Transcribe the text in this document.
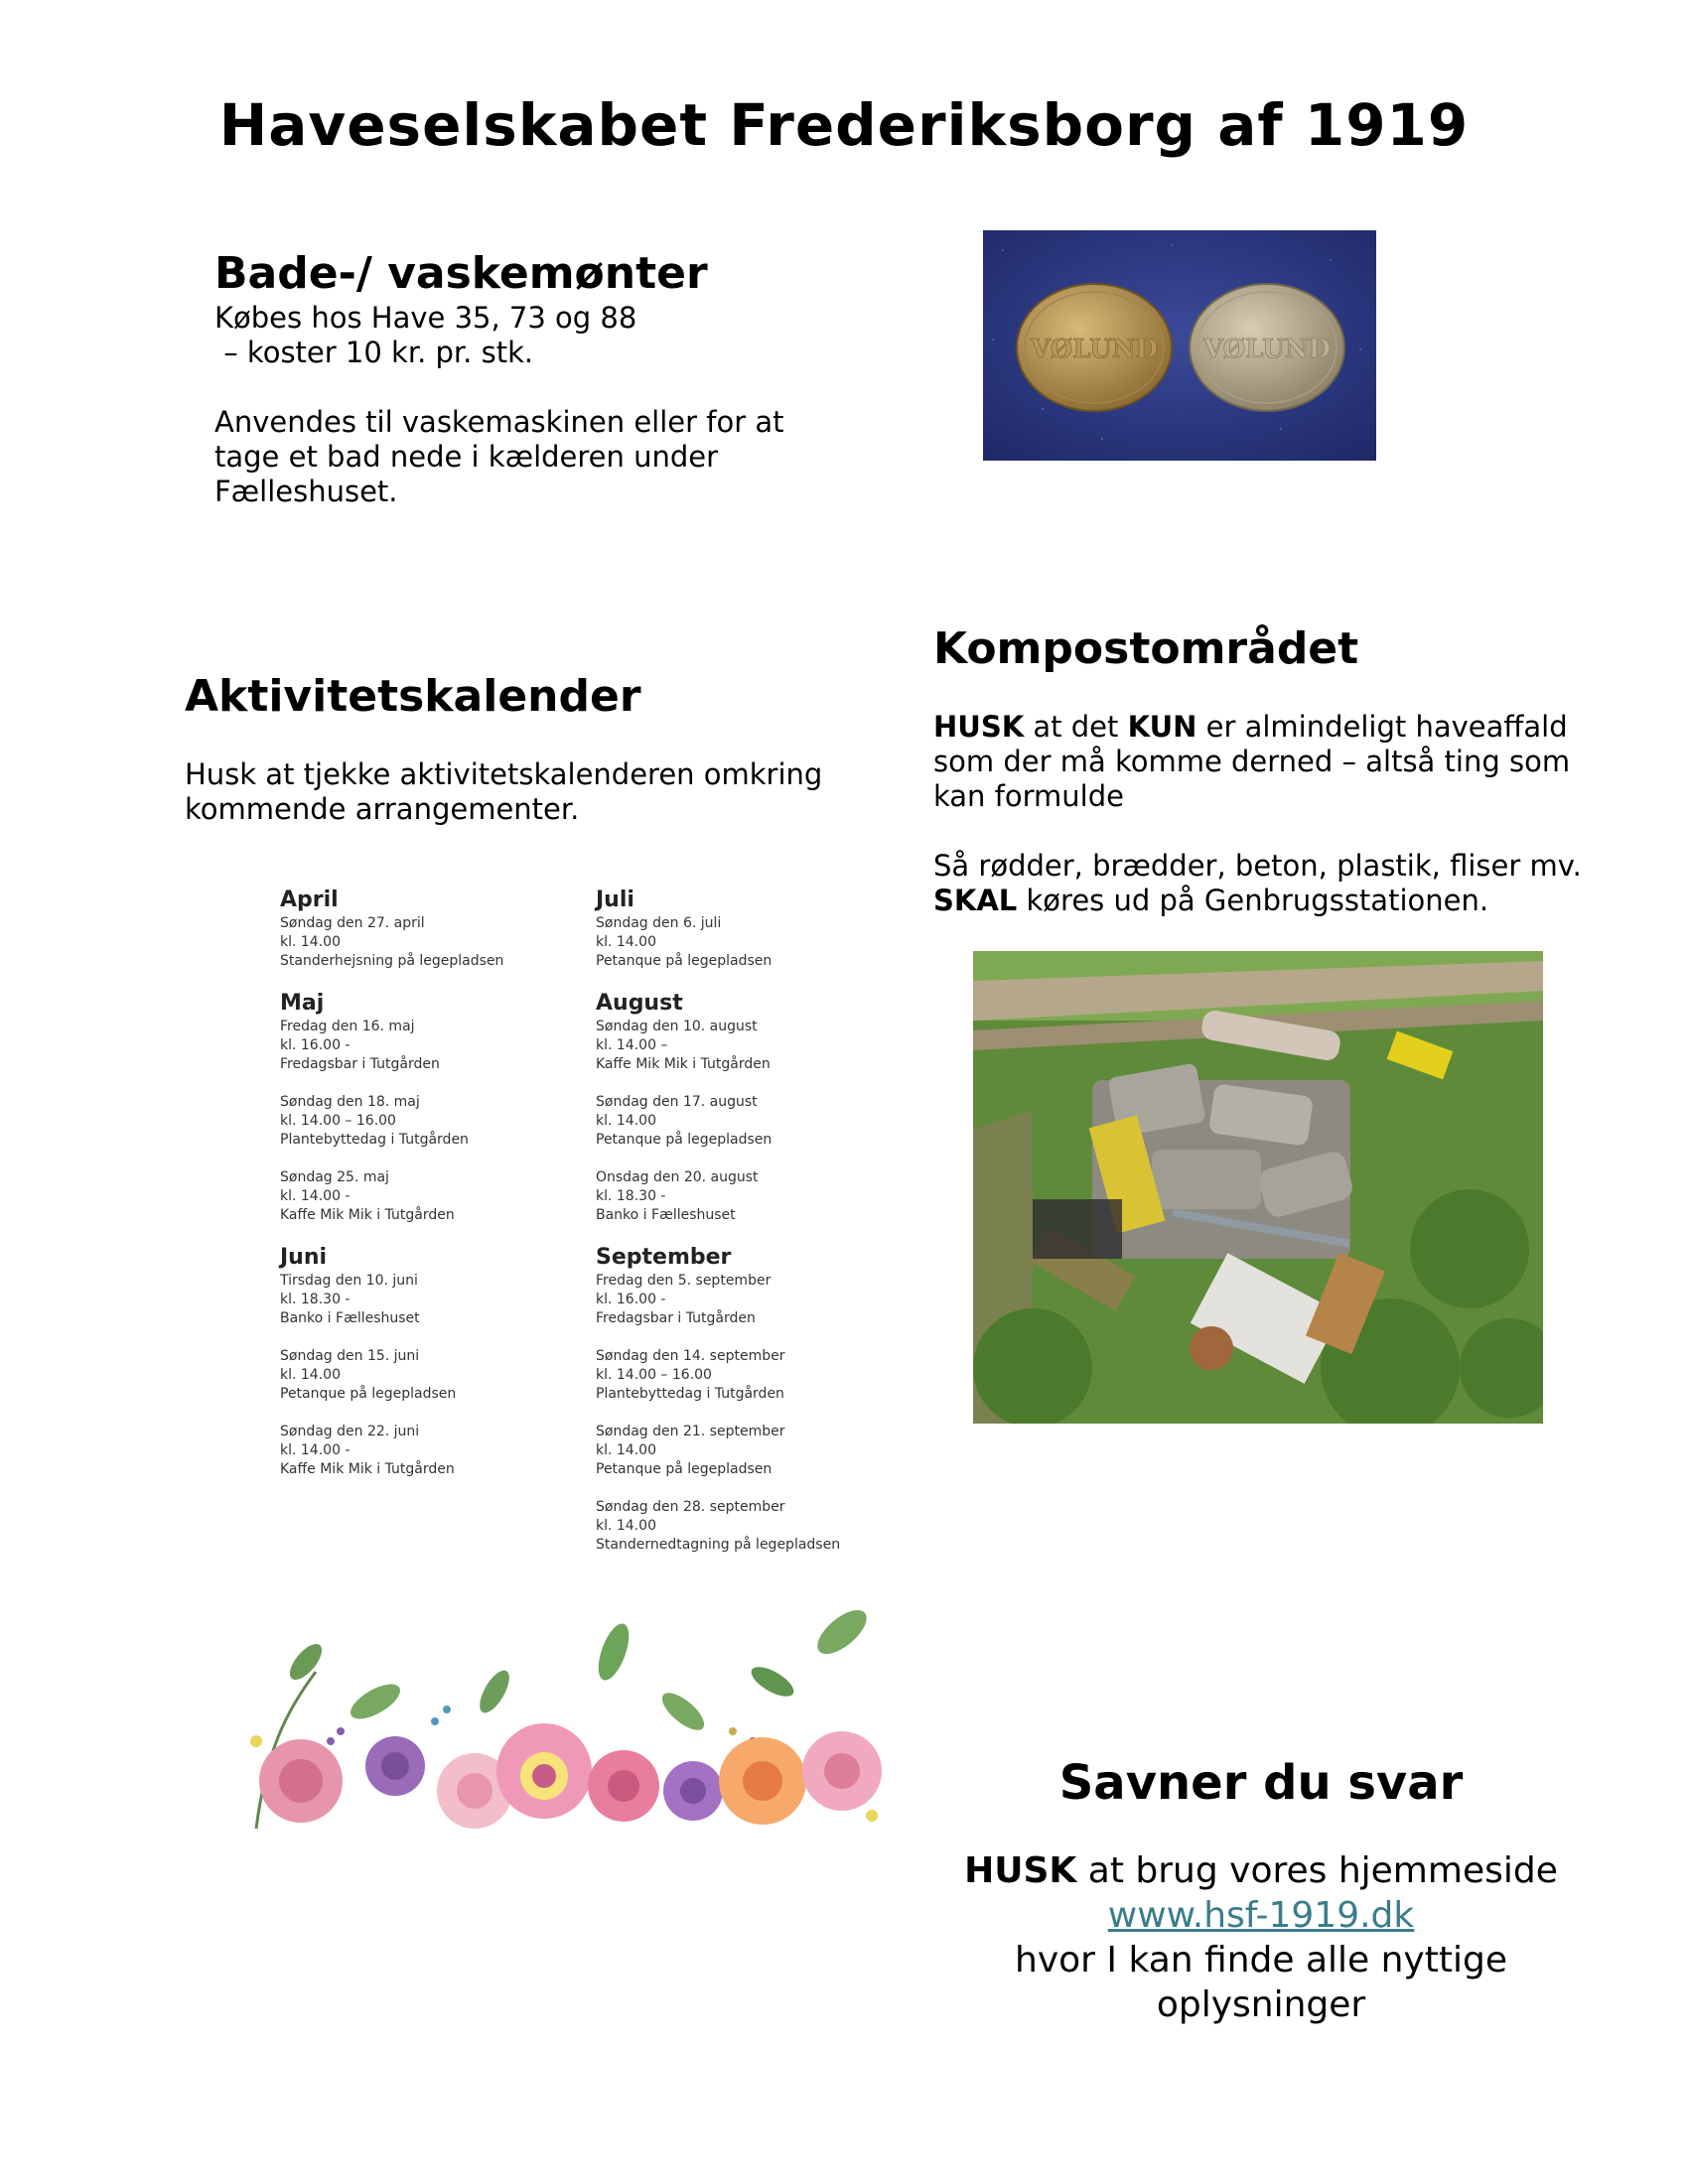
Haveselskabet Frederiksborg af 1919
Bade-/ vaskemønter

Købes hos Have 35, 73 og 88

– koster 10 kr. pr. stk.

Anvendes til vaskemaskinen eller for at

tage et bad nede i kælderen under Fælleshuset.

VØLUND VØLUND
Aktivitetskalender

Husk at tjekke aktivitetskalenderen omkring

kommende arrangementer.

April
Søndag den 27. april
kl. 14.00
Standerhejsning på legepladsen
Maj
Fredag den 16. maj
kl. 16.00 -
Fredagsbar i Tutgården
Søndag den 18. maj
kl. 14.00 – 16.00
Plantebyttedag i Tutgården
Søndag 25. maj
kl. 14.00 -
Kaffe Mik Mik i Tutgården
Juni
Tirsdag den 10. juni
kl. 18.30 -
Banko i Fælleshuset
Søndag den 15. juni
kl. 14.00
Petanque på legepladsen
Søndag den 22. juni
kl. 14.00 -
Kaffe Mik Mik i Tutgården
Juli
Søndag den 6. juli
kl. 14.00
Petanque på legepladsen
August
Søndag den 10. august
kl. 14.00 –
Kaffe Mik Mik i Tutgården
Søndag den 17. august
kl. 14.00
Petanque på legepladsen
Onsdag den 20. august
kl. 18.30 -
Banko i Fælleshuset
September
Fredag den 5. september
kl. 16.00 -
Fredagsbar i Tutgården
Søndag den 14. september
kl. 14.00 – 16.00
Plantebyttedag i Tutgården
Søndag den 21. september
kl. 14.00
Petanque på legepladsen
Søndag den 28. september
kl. 14.00
Standernedtagning på legepladsen
Kompostområdet

HUSK at det KUN er almindeligt haveaffald

som der må komme derned – altså ting som

kan formulde

Så rødder, brædder, beton, plastik, fliser mv.

SKAL køres ud på Genbrugsstationen.

Savner du svar
HUSK at brug vores hjemmeside
www.hsf-1919.dk
hvor I kan finde alle nyttige
oplysninger
